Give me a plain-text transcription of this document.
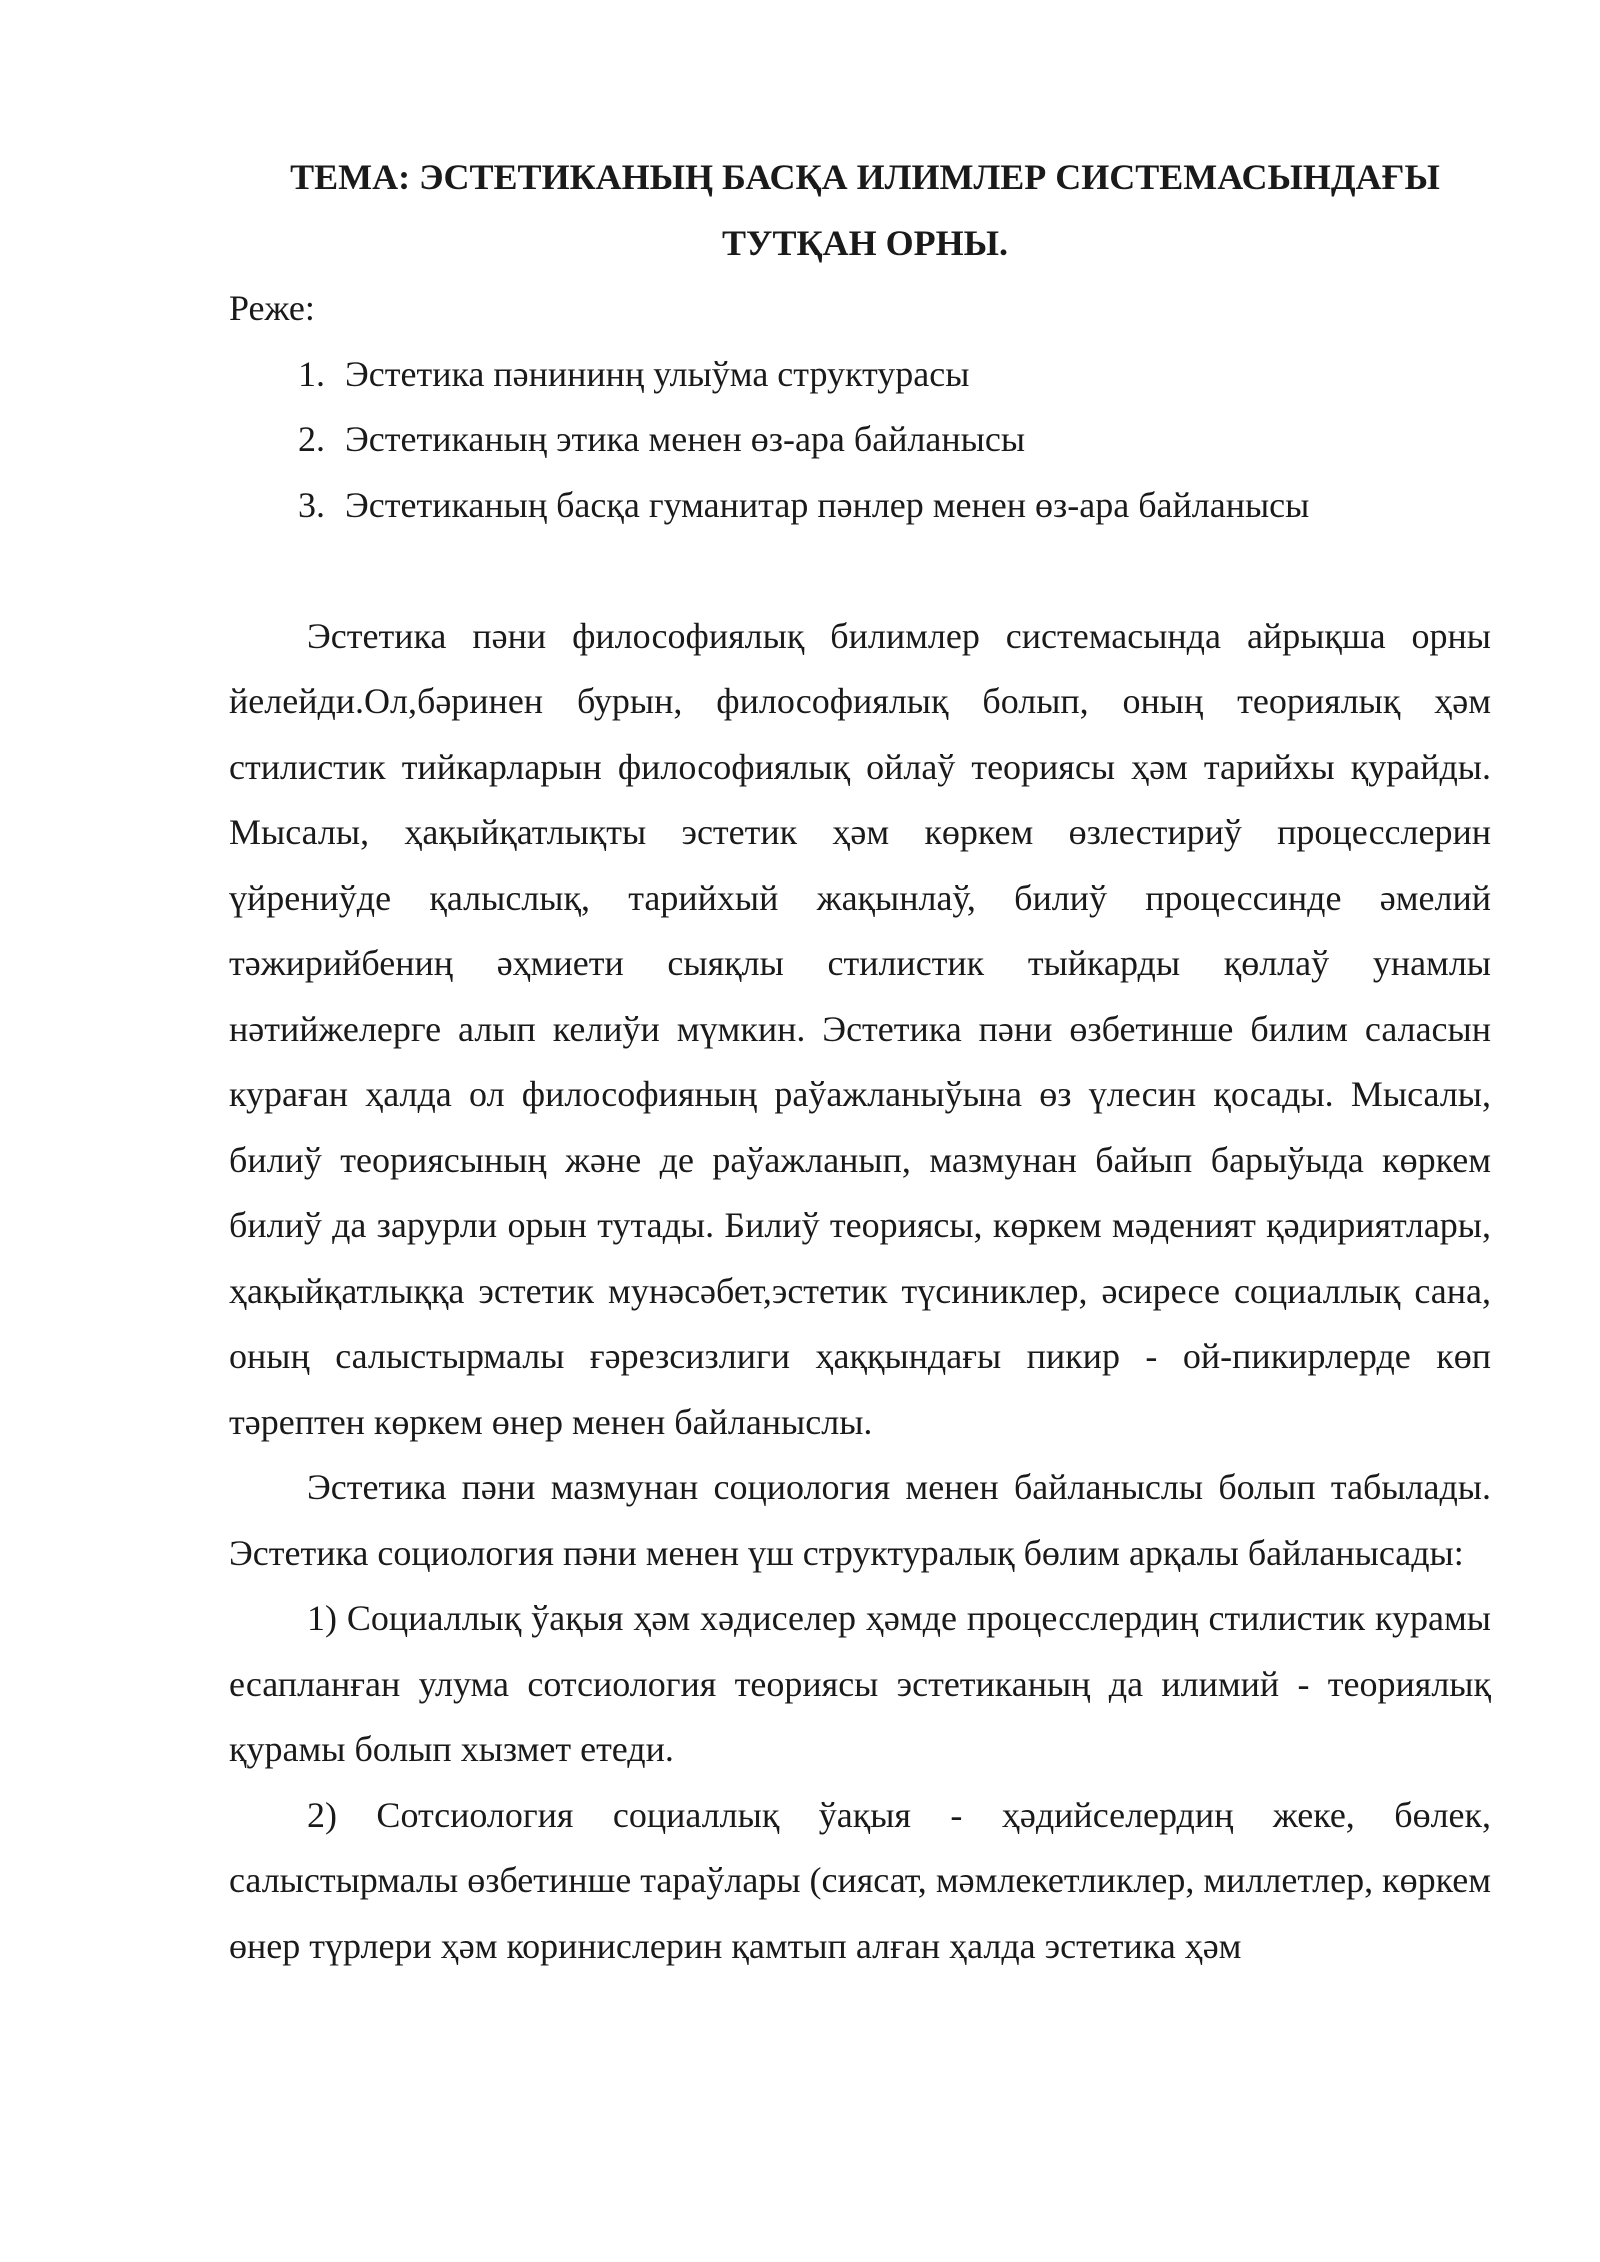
ТЕМА: ЭСТЕТИКАНЫҢ БАСҚА ИЛИМЛЕР СИСТЕМАСЫНДАҒЫ
ТУТҚАН ОРНЫ.

Реже:

1. Эстетика пәнининң улыўма структурасы
2. Эстетиканың этика менен өз-ара байланысы
3. Эстетиканың басқа гуманитар пәнлер менен өз-ара байланысы

Эстетика пәни философиялық билимлер системасында айрықша орны йелейди.Ол,бәринен бурын, философиялық болып, оның теориялық ҳәм стилистик тийкарларын философиялық ойлаў теориясы ҳәм тарийхы қурайды. Мысалы, ҳақыйқатлықты эстетик ҳәм көркем өзлестириў процесслерин үйрениўде қалыслық, тарийхый жақынлаў, билиў процессинде әмелий тәжирийбениң әҳмиети сыяқлы стилистик тыйкарды қөллаў унамлы нәтийжелерге алып келиўи мүмкин. Эстетика пәни өзбетинше билим саласын кураған ҳалда ол философияның раўажланыўына өз үлесин қосады. Мысалы, билиў теориясының және де раўажланып, мазмунан байып барыўыда көркем билиў да зарурли орын тутады. Билиў теориясы, көркем мәденият қәдириятлары, ҳақыйқатлыққа эстетик мунәсәбет,эстетик түсиниклер, әсиресе социаллық сана, оның салыстырмалы ғәрезсизлиги ҳаққындағы пикир - ой-пикирлерде көп тәрептен көркем өнер менен байланыслы.

Эстетика пәни мазмунан социология менен байланыслы болып табылады. Эстетика социология пәни менен үш структуралық бөлим арқалы байланысады:

1) Социаллық ўақыя ҳәм хәдиселер ҳәмде процесслердиң стилистик курамы есапланған улума сотсиология теориясы эстетиканың да илимий - теориялық қурамы болып хызмет етеди.

2) Сотсиология социаллық ўақыя - ҳәдийселердиң жеке, бөлек, салыстырмалы өзбетинше тараўлары (сиясат, мәмлекетликлер, миллетлер, көркем өнер түрлери ҳәм коринислерин қамтып алған ҳалда эстетика ҳәм
